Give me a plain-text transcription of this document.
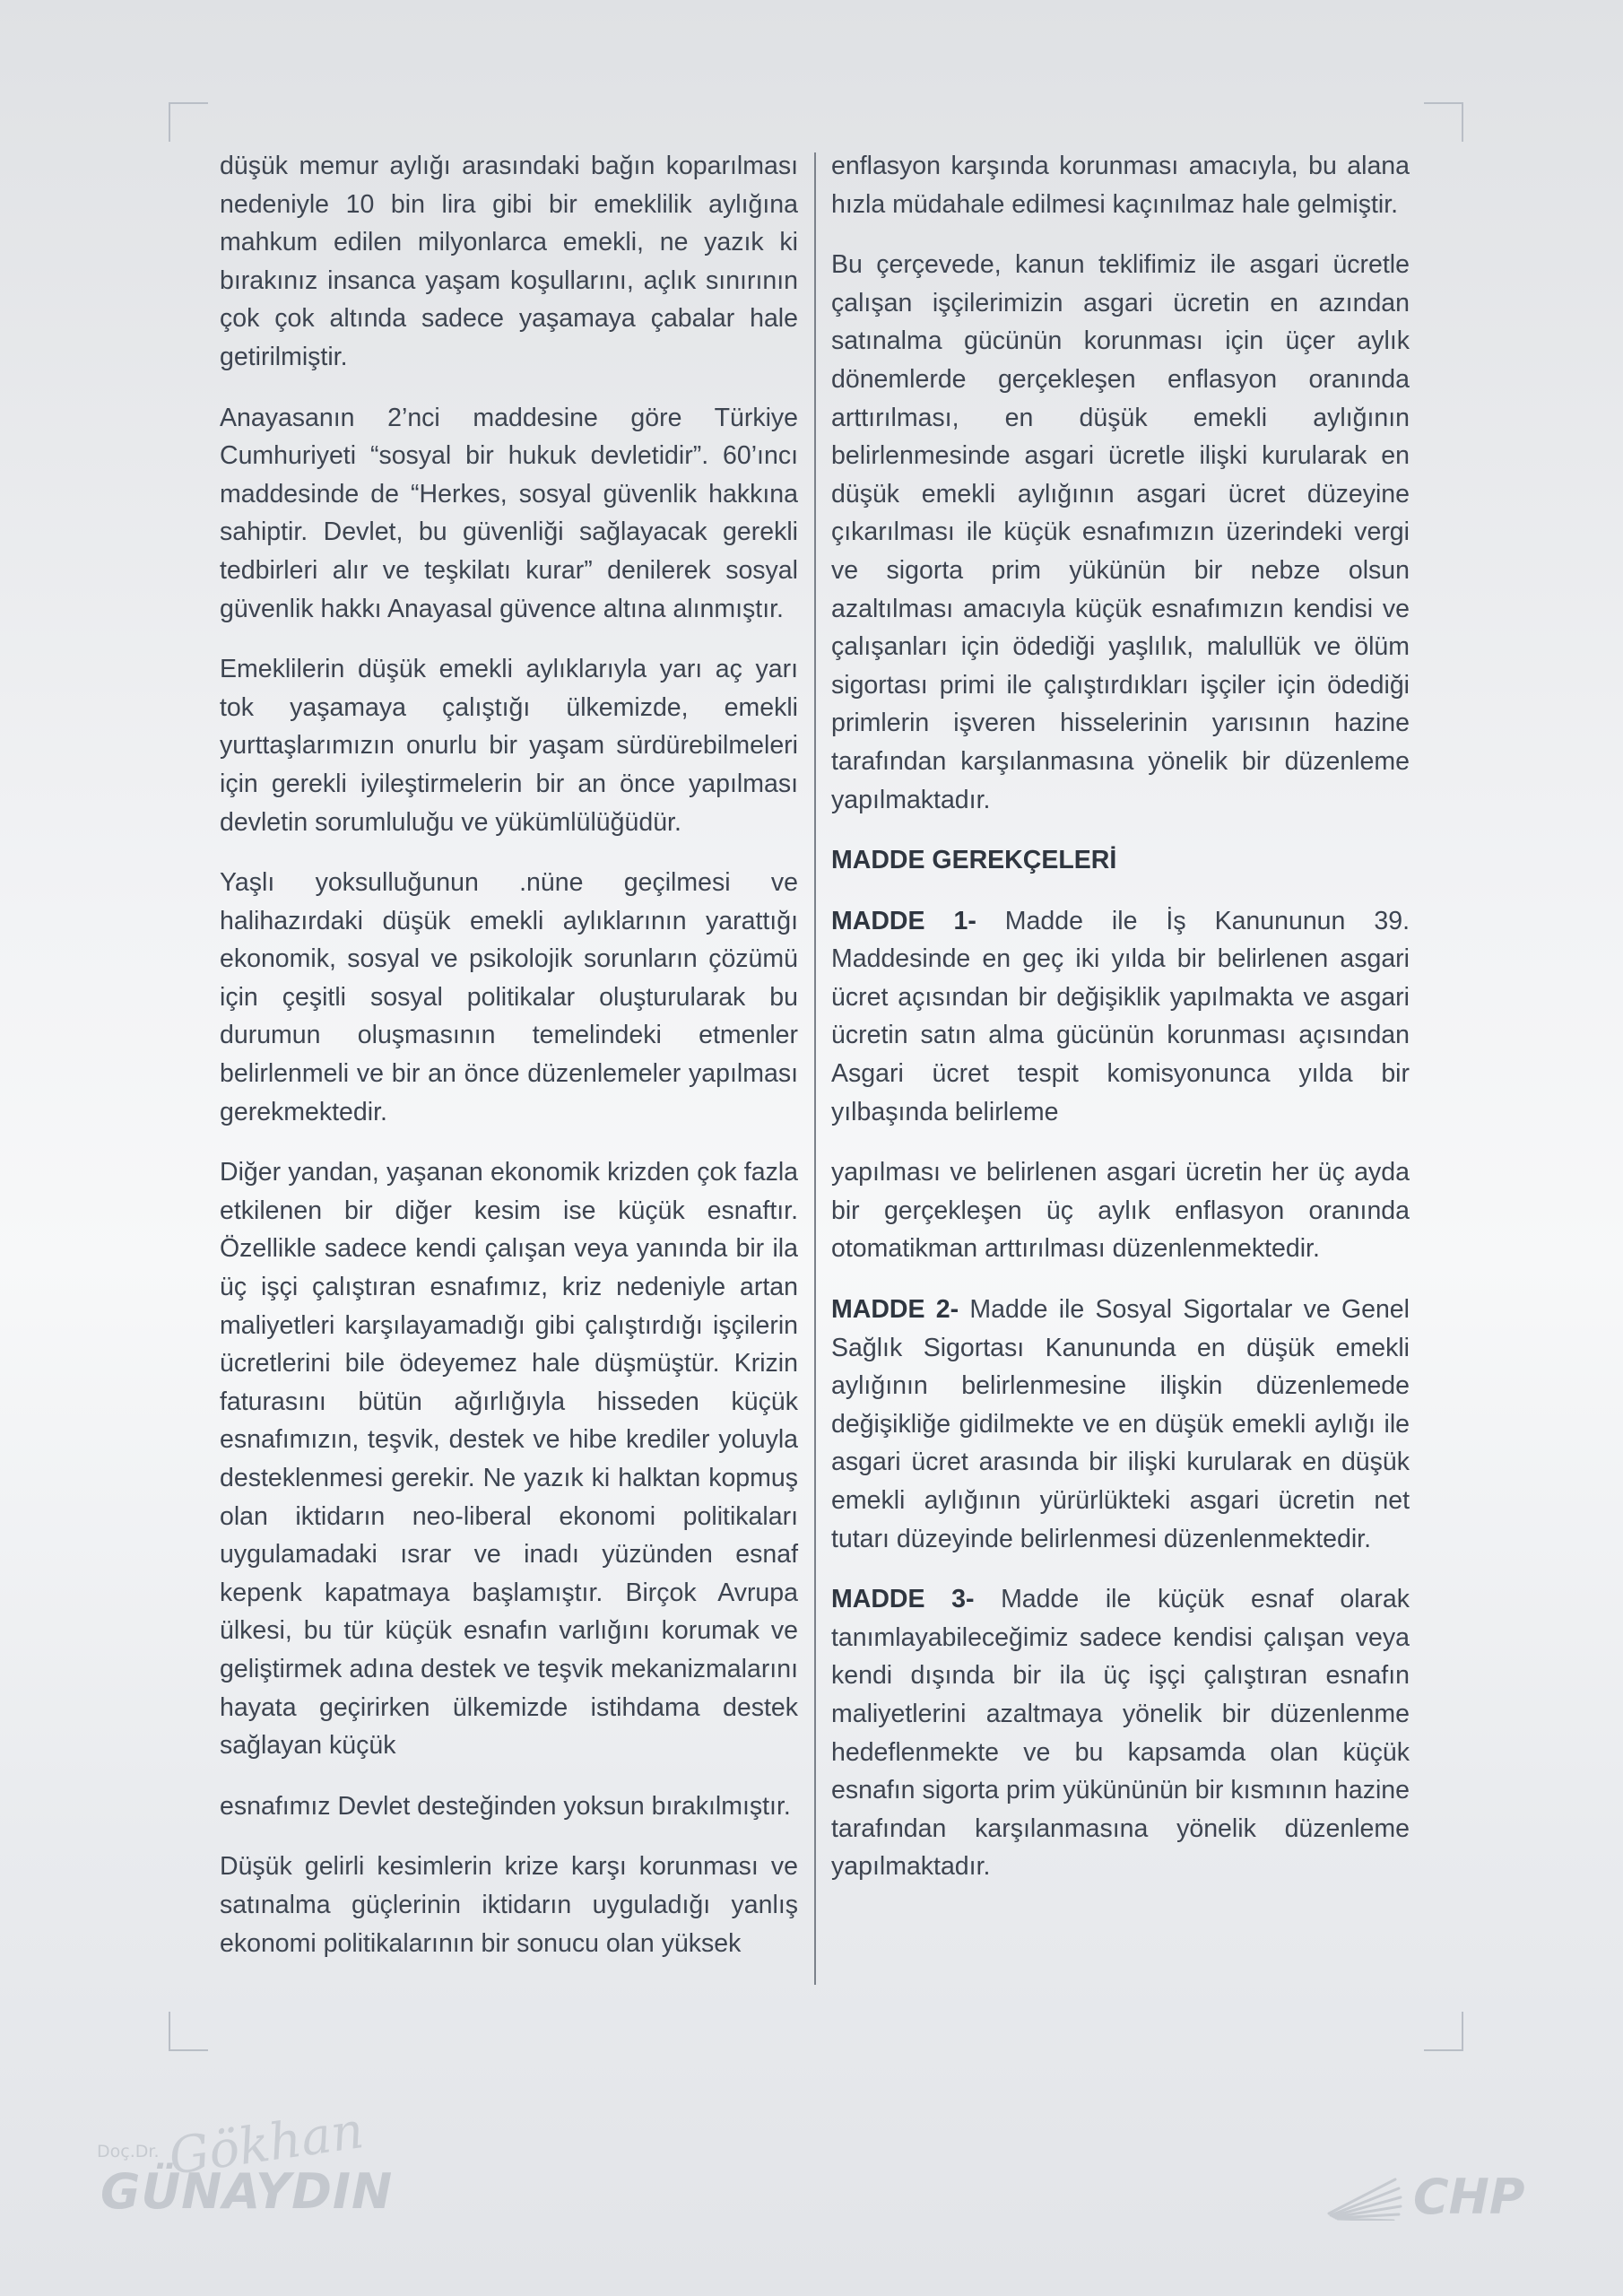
düşük memur aylığı arasındaki bağın koparılması nedeniyle 10 bin lira gibi bir emeklilik aylığına mahkum edilen milyonlarca emekli, ne yazık ki bırakınız insanca yaşam koşullarını, açlık sınırının çok çok altında sadece yaşamaya çabalar hale getirilmiştir.

Anayasanın 2’nci maddesine göre Türkiye Cumhuriyeti “sosyal bir hukuk devletidir”. 60’ıncı maddesinde de “Herkes, sosyal güvenlik hakkına sahiptir. Devlet, bu güvenliği sağlayacak gerekli tedbirleri alır ve teşkilatı kurar” denilerek sosyal güvenlik hakkı Anayasal güvence altına alınmıştır.

Emeklilerin düşük emekli aylıklarıyla yarı aç yarı tok yaşamaya çalıştığı ülkemizde, emekli yurttaşlarımızın onurlu bir yaşam sürdürebilmeleri için gerekli iyileştirmelerin bir an önce yapılması devletin sorumluluğu ve yükümlülüğüdür.

Yaşlı yoksulluğunun .nüne geçilmesi ve halihazırdaki düşük emekli aylıklarının yarattığı ekonomik, sosyal ve psikolojik sorunların çözümü için çeşitli sosyal politikalar oluşturularak bu durumun oluşmasının temelindeki etmenler belirlenmeli ve bir an önce düzenlemeler yapılması gerekmektedir.

Diğer yandan, yaşanan ekonomik krizden çok fazla etkilenen bir diğer kesim ise küçük esnaftır. Özellikle sadece kendi çalışan veya yanında bir ila üç işçi çalıştıran esnafımız, kriz nedeniyle artan maliyetleri karşılayamadığı gibi çalıştırdığı işçilerin ücretlerini bile ödeyemez hale düşmüştür. Krizin faturasını bütün ağırlığıyla hisseden küçük esnafımızın, teşvik, destek ve hibe krediler yoluyla desteklenmesi gerekir. Ne yazık ki halktan kopmuş olan iktidarın neo-liberal ekonomi politikaları uygulamadaki ısrar ve inadı yüzünden esnaf kepenk kapatmaya başlamıştır. Birçok Avrupa ülkesi, bu tür küçük esnafın varlığını korumak ve geliştirmek adına destek ve teşvik mekanizmalarını hayata geçirirken ülkemizde istihdama destek sağlayan küçük

esnafımız Devlet desteğinden yoksun bırakılmıştır.

Düşük gelirli kesimlerin krize karşı korunması ve satınalma güçlerinin iktidarın uyguladığı yanlış ekonomi politikalarının bir sonucu olan yüksek

enflasyon karşında korunması amacıyla, bu alana hızla müdahale edilmesi kaçınılmaz hale gelmiştir.

Bu çerçevede, kanun teklifimiz ile asgari ücretle çalışan işçilerimizin asgari ücretin en azından satınalma gücünün korunması için üçer aylık dönemlerde gerçekleşen enflasyon oranında arttırılması, en düşük emekli aylığının belirlenmesinde asgari ücretle ilişki kurularak en düşük emekli aylığının asgari ücret düzeyine çıkarılması ile küçük esnafımızın üzerindeki vergi ve sigorta prim yükünün bir nebze olsun azaltılması amacıyla küçük esnafımızın kendisi ve çalışanları için ödediği yaşlılık, malullük ve ölüm sigortası primi ile çalıştırdıkları işçiler için ödediği primlerin işveren hisselerinin yarısının hazine tarafından karşılanmasına yönelik bir düzenleme yapılmaktadır.

MADDE GEREKÇELERİ

MADDE 1- Madde ile İş Kanununun 39. Maddesinde en geç iki yılda bir belirlenen asgari ücret açısından bir değişiklik yapılmakta ve asgari ücretin satın alma gücünün korunması açısından Asgari ücret tespit komisyonunca yılda bir yılbaşında belirleme

yapılması ve belirlenen asgari ücretin her üç ayda bir gerçekleşen üç aylık enflasyon oranında otomatikman arttırılması düzenlenmektedir.

MADDE 2- Madde ile Sosyal Sigortalar ve Genel Sağlık Sigortası Kanununda en düşük emekli aylığının belirlenmesine ilişkin düzenlemede değişikliğe gidilmekte ve en düşük emekli aylığı ile asgari ücret arasında bir ilişki kurularak en düşük emekli aylığının yürürlükteki asgari ücretin net tutarı düzeyinde belirlenmesi düzenlenmektedir.

MADDE 3- Madde ile küçük esnaf olarak tanımlayabileceğimiz sadece kendisi çalışan veya kendi dışında bir ila üç işçi çalıştıran esnafın maliyetlerini azaltmaya yönelik bir düzenlenme hedeflenmekte ve bu kapsamda olan küçük esnafın sigorta prim yükününün bir kısmının hazine tarafından karşılanmasına yönelik düzenleme yapılmaktadır.

Doç.Dr. Gökhan
GÜNAYDIN	CHP
